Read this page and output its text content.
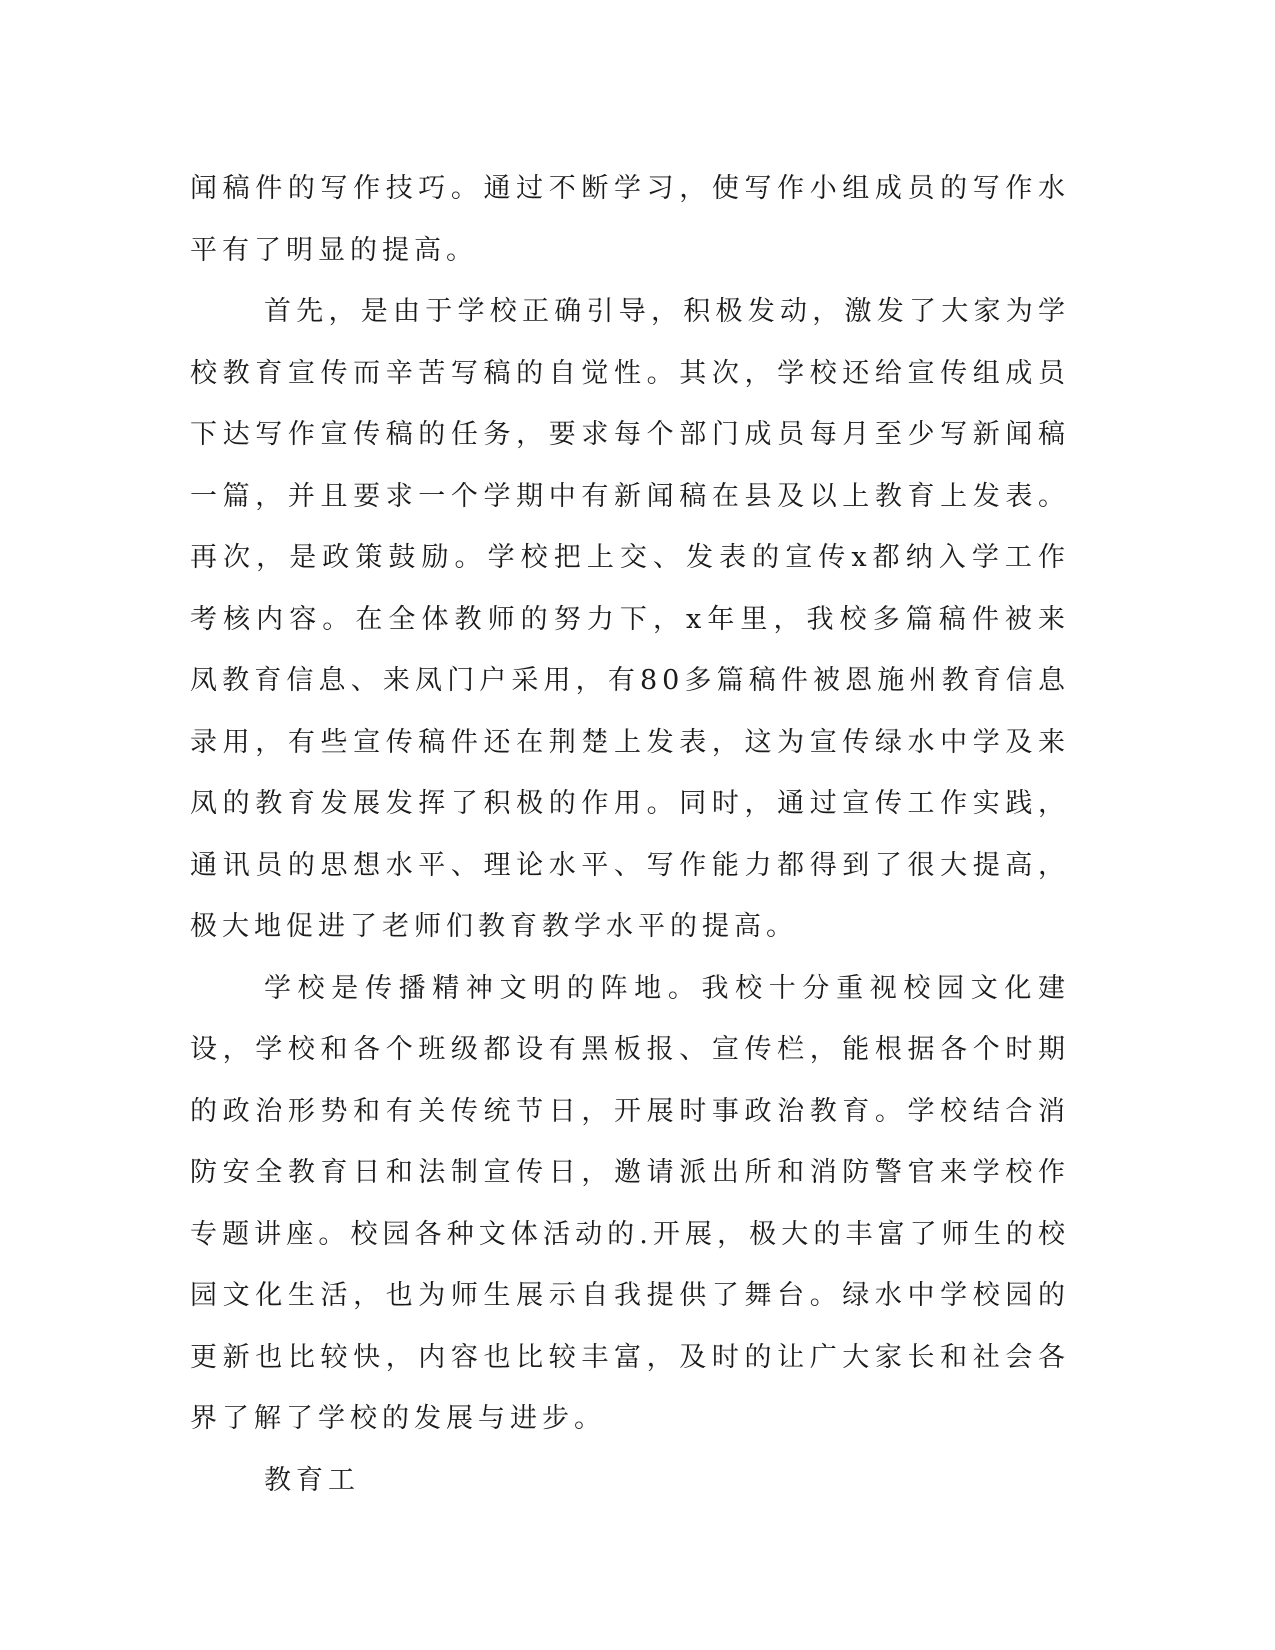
闻稿件的写作技巧。通过不断学习，使写作小组成员的写作水平有了明显的提高。

首先，是由于学校正确引导，积极发动，激发了大家为学校教育宣传而辛苦写稿的自觉性。其次，学校还给宣传组成员下达写作宣传稿的任务，要求每个部门成员每月至少写新闻稿一篇，并且要求一个学期中有新闻稿在县及以上教育上发表。再次，是政策鼓励。学校把上交、发表的宣传x都纳入学工作考核内容。在全体教师的努力下，x年里，我校多篇稿件被来凤教育信息、来凤门户采用，有80多篇稿件被恩施州教育信息录用，有些宣传稿件还在荆楚上发表，这为宣传绿水中学及来凤的教育发展发挥了积极的作用。同时，通过宣传工作实践，通讯员的思想水平、理论水平、写作能力都得到了很大提高，极大地促进了老师们教育教学水平的提高。

学校是传播精神文明的阵地。我校十分重视校园文化建设，学校和各个班级都设有黑板报、宣传栏，能根据各个时期的政治形势和有关传统节日，开展时事政治教育。学校结合消防安全教育日和法制宣传日，邀请派出所和消防警官来学校作专题讲座。校园各种文体活动的.开展，极大的丰富了师生的校园文化生活，也为师生展示自我提供了舞台。绿水中学校园的更新也比较快，内容也比较丰富，及时的让广大家长和社会各界了解了学校的发展与进步。

教育工
